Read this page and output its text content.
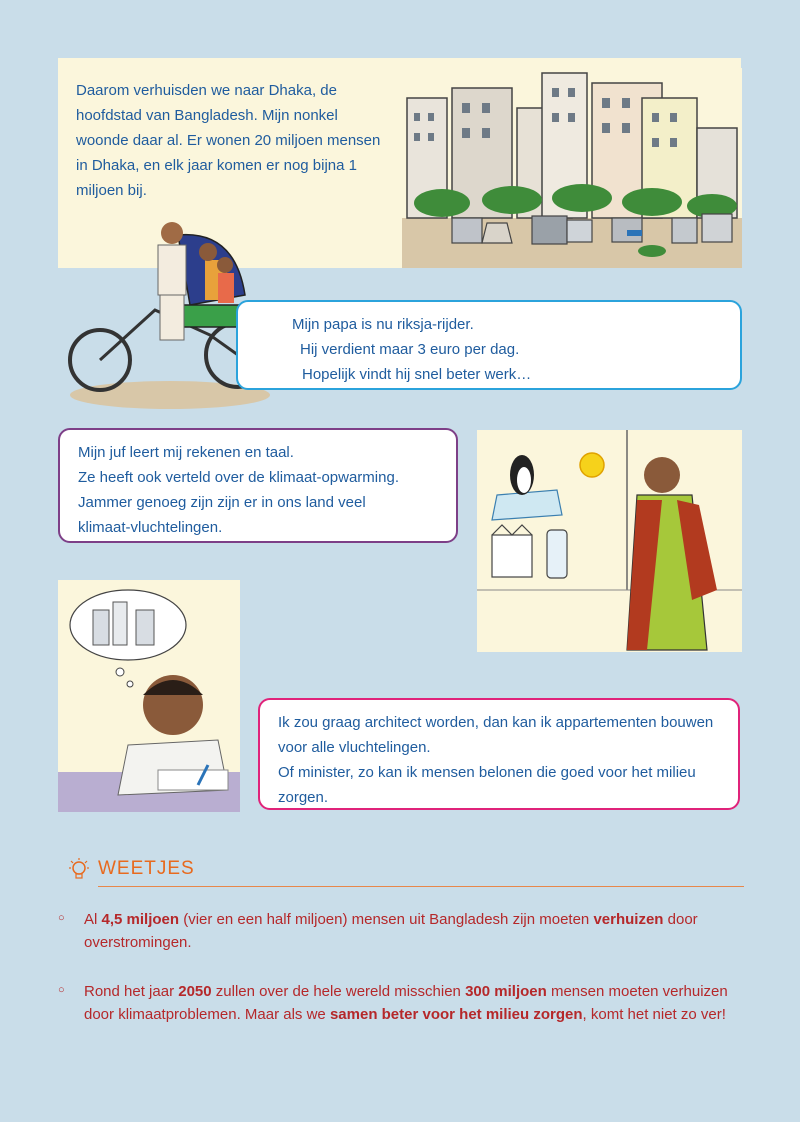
Daarom verhuisden we naar Dhaka, de hoofdstad van Bangladesh. Mijn nonkel woonde daar al. Er wonen 20 miljoen mensen in Dhaka, en elk jaar komen er nog bijna 1 miljoen bij.
Mijn papa is nu riksja-rijder.
Hij verdient maar 3 euro per dag.
Hopelijk vindt hij snel beter werk…
Mijn juf leert mij rekenen en taal.
Ze heeft ook verteld over de klimaat-opwarming.
Jammer genoeg zijn zijn er in ons land veel
klimaat-vluchtelingen.
Ik zou graag architect worden, dan kan ik appartementen bouwen
voor alle vluchtelingen.
Of minister, zo kan ik mensen belonen die goed voor het milieu
zorgen.
WEETJES
○ Al 4,5 miljoen (vier en een half miljoen) mensen uit Bangladesh zijn moeten verhuizen door overstromingen.
○ Rond het jaar 2050 zullen over de hele wereld misschien 300 miljoen mensen moeten verhuizen door klimaatproblemen. Maar als we samen beter voor het milieu zorgen, komt het niet zo ver!
